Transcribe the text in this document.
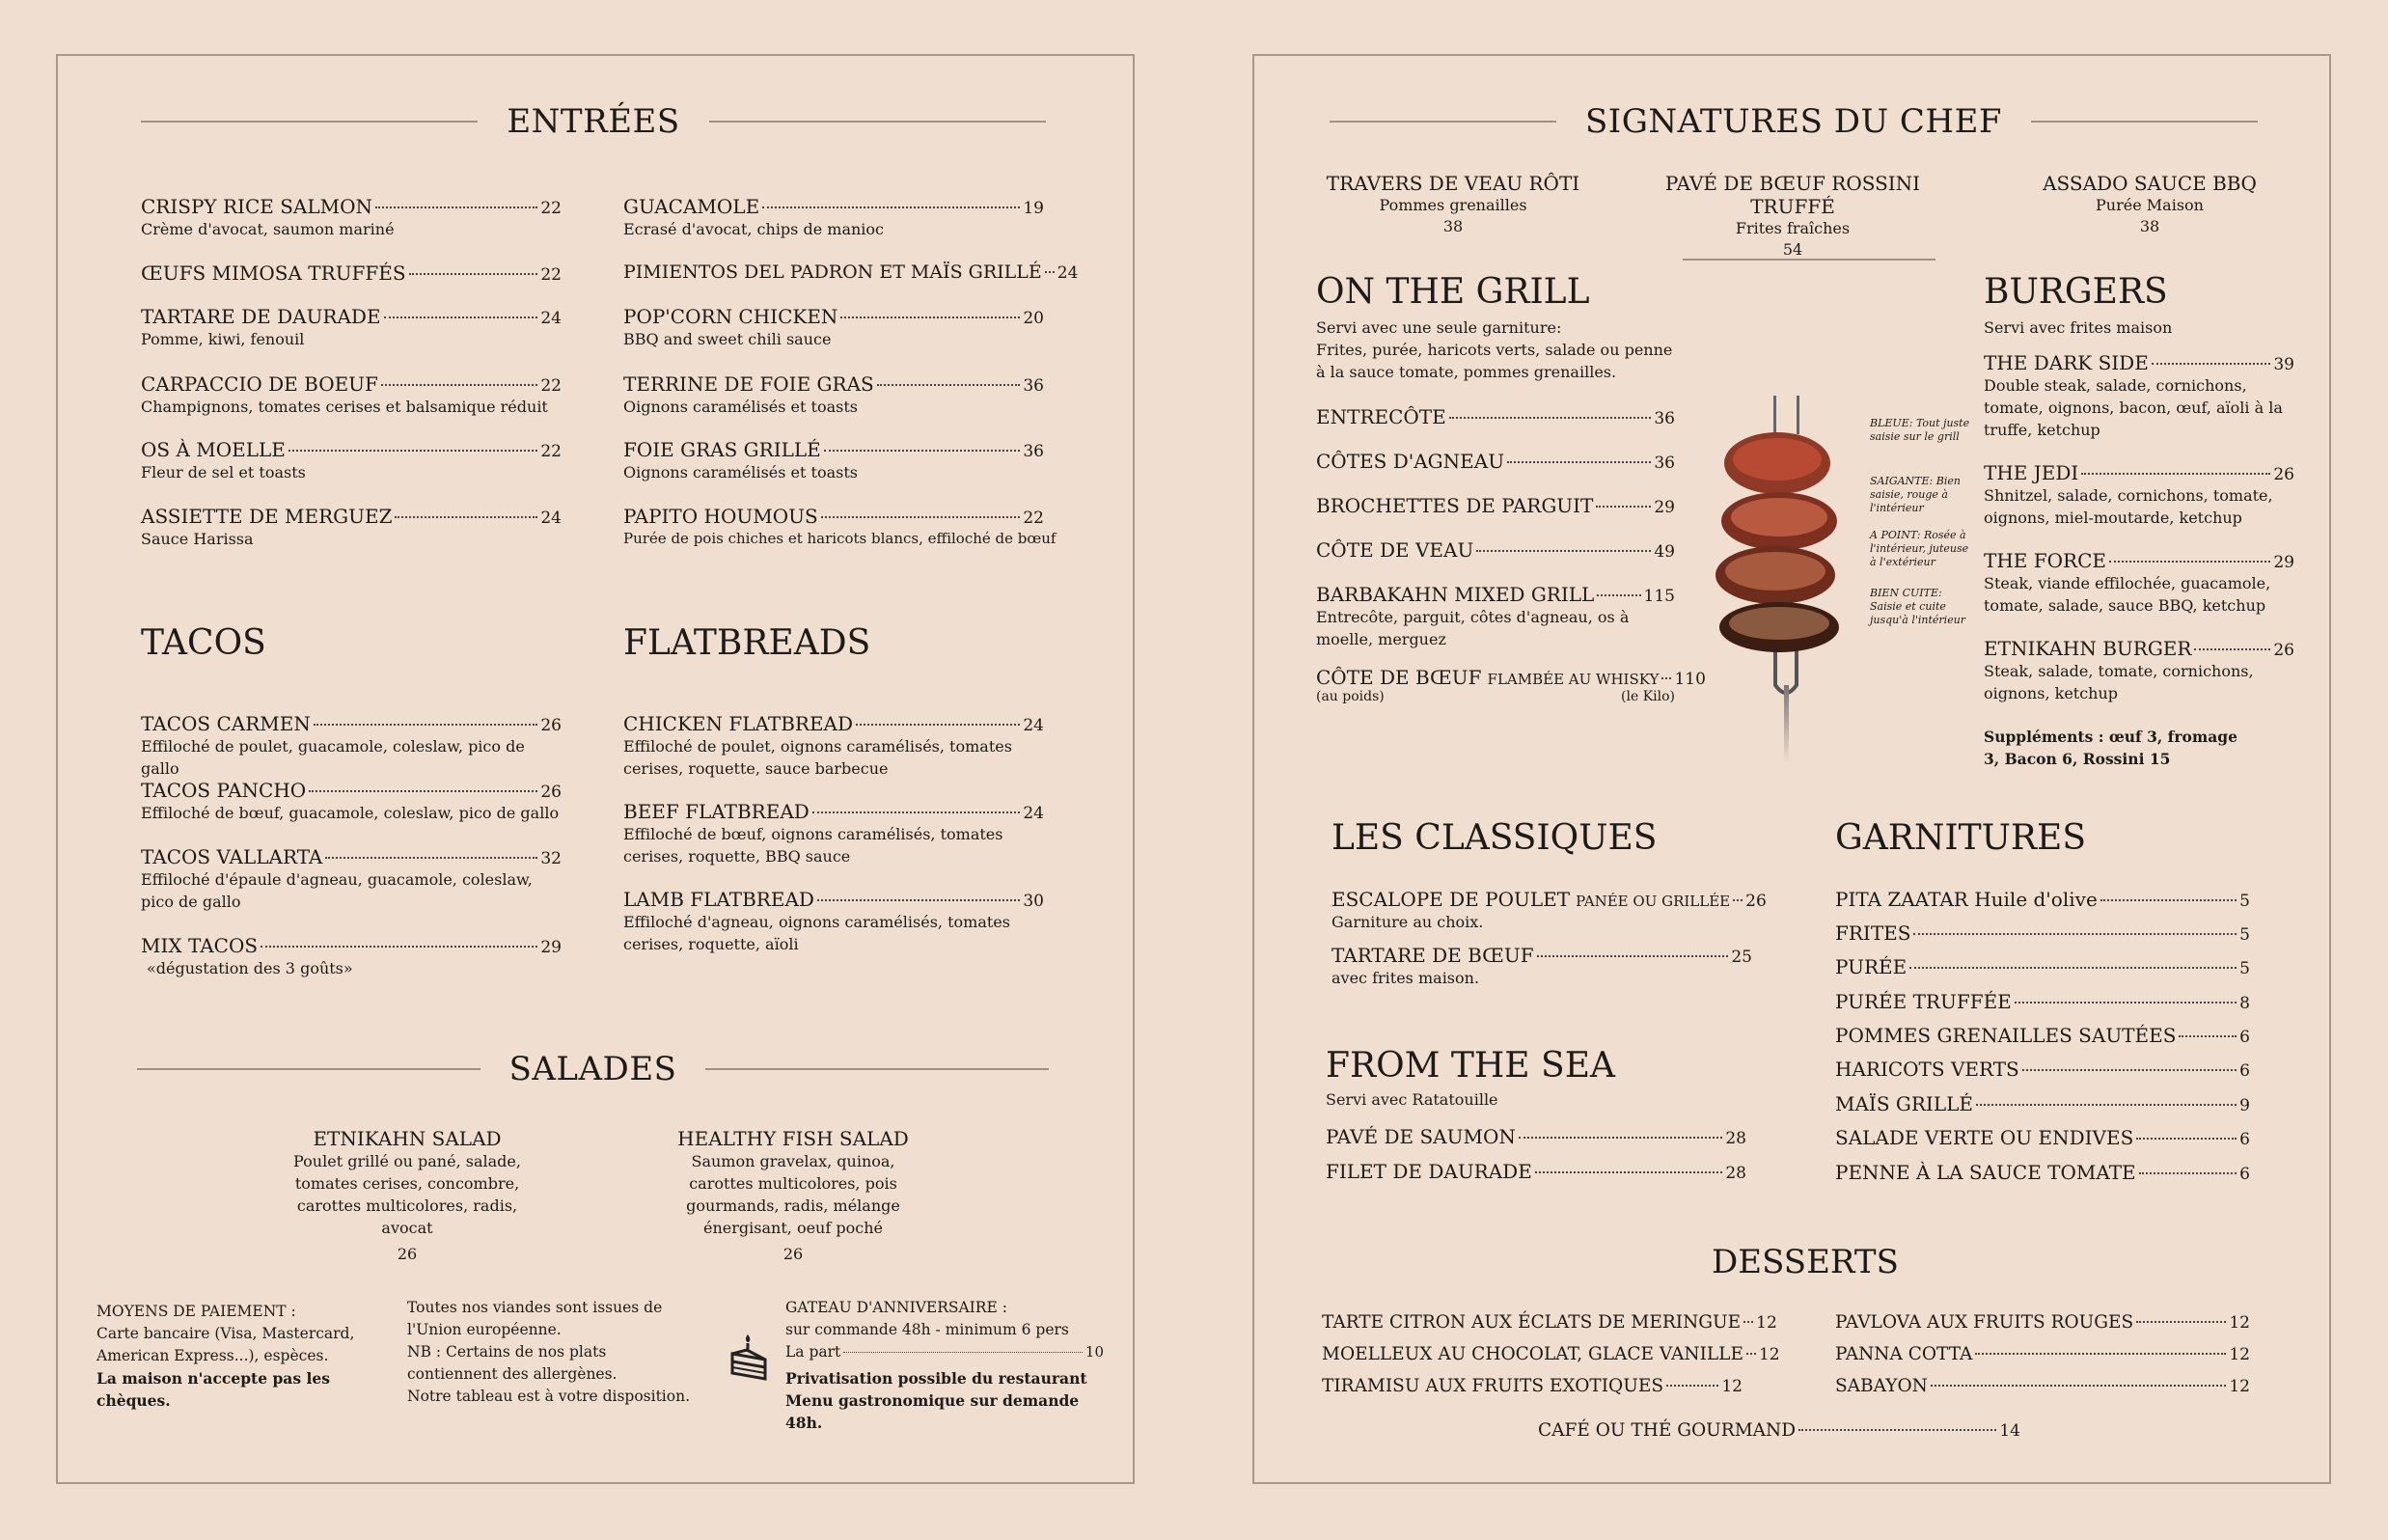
ENTRÉES
CRISPY RICE SALMON	22
Crème d'avocat, saumon mariné
ŒUFS MIMOSA TRUFFÉS	22
TARTARE DE DAURADE	24
Pomme, kiwi, fenouil
CARPACCIO DE BOEUF	22
Champignons, tomates cerises et balsamique réduit
OS À MOELLE	22
Fleur de sel et toasts
ASSIETTE DE MERGUEZ	24
Sauce Harissa
GUACAMOLE	19
Ecrasé d'avocat, chips de manioc
PIMIENTOS DEL PADRON ET MAÏS GRILLÉ 24
POP'CORN CHICKEN	20
BBQ and sweet chili sauce
TERRINE DE FOIE GRAS	36
Oignons caramélisés et toasts
FOIE GRAS GRILLÉ	36
Oignons caramélisés et toasts
PAPITO HOUMOUS	22
Purée de pois chiches et haricots blancs, effiloché de bœuf
TACOS
TACOS CARMEN	26
Effiloché de poulet, guacamole, coleslaw, pico de gallo
TACOS PANCHO	26
Effiloché de bœuf, guacamole, coleslaw, pico de gallo
TACOS VALLARTA	32
Effiloché d'épaule d'agneau, guacamole, coleslaw, pico de gallo
MIX TACOS	29
«dégustation des 3 goûts»
FLATBREADS
CHICKEN FLATBREAD	24
Effiloché de poulet, oignons caramélisés, tomates cerises, roquette, sauce barbecue
BEEF FLATBREAD	24
Effiloché de bœuf, oignons caramélisés, tomates cerises, roquette, BBQ sauce
LAMB FLATBREAD	30
Effiloché d'agneau, oignons caramélisés, tomates cerises, roquette, aïoli
SALADES
ETNIKAHN SALAD
Poulet grillé ou pané, salade, tomates cerises, concombre, carottes multicolores, radis, avocat
26
HEALTHY FISH SALAD
Saumon gravelax, quinoa, carottes multicolores, pois gourmands, radis, mélange énergisant, oeuf poché
26
MOYENS DE PAIEMENT :
Carte bancaire (Visa, Mastercard, American Express...), espèces.
La maison n'accepte pas les chèques.
Toutes nos viandes sont issues de l'Union européenne.
NB : Certains de nos plats contiennent des allergènes.
Notre tableau est à votre disposition.
GATEAU D'ANNIVERSAIRE :
sur commande 48h - minimum 6 pers
La part	10
Privatisation possible du restaurant
Menu gastronomique sur demande 48h.
SIGNATURES DU CHEF
TRAVERS DE VEAU RÔTI
Pommes grenailles
38
PAVÉ DE BŒUF ROSSINI TRUFFÉ
Frites fraîches
54
ASSADO SAUCE BBQ
Purée Maison
38
ON THE GRILL
Servi avec une seule garniture:
Frites, purée, haricots verts, salade ou penne à la sauce tomate, pommes grenailles.
ENTRECÔTE	36
CÔTES D'AGNEAU	36
BROCHETTES DE PARGUIT	29
CÔTE DE VEAU	49
BARBAKAHN MIXED GRILL	115
Entrecôte, parguit, côtes d'agneau, os à moelle, merguez
CÔTE DE BŒUF FLAMBÉE AU WHISKY 110
(au poids)	(le Kilo)
BLEUE: Tout juste saisie sur le grill
SAIGANTE: Bien saisie, rouge à l'intérieur
A POINT: Rosée à l'intérieur, juteuse à l'extérieur
BIEN CUITE: Saisie et cuite jusqu'à l'intérieur
BURGERS
Servi avec frites maison
THE DARK SIDE	39
Double steak, salade, cornichons, tomate, oignons, bacon, œuf, aïoli à la truffe, ketchup
THE JEDI	26
Shnitzel, salade, cornichons, tomate, oignons, miel-moutarde, ketchup
THE FORCE	29
Steak, viande effilochée, guacamole, tomate, salade, sauce BBQ, ketchup
ETNIKAHN BURGER	26
Steak, salade, tomate, cornichons, oignons, ketchup
Suppléments : œuf 3, fromage 3, Bacon 6, Rossini 15
LES CLASSIQUES
ESCALOPE DE POULET PANÉE OU GRILLÉE 26
Garniture au choix.
TARTARE DE BŒUF	25
avec frites maison.
FROM THE SEA
Servi avec Ratatouille
PAVÉ DE SAUMON	28
FILET DE DAURADE	28
GARNITURES
PITA ZAATAR Huile d'olive	5
FRITES	5
PURÉE	5
PURÉE TRUFFÉE	8
POMMES GRENAILLES SAUTÉES	6
HARICOTS VERTS	6
MAÏS GRILLÉ	9
SALADE VERTE OU ENDIVES	6
PENNE À LA SAUCE TOMATE	6
DESSERTS
TARTE CITRON AUX ÉCLATS DE MERINGUE 12
MOELLEUX AU CHOCOLAT, GLACE VANILLE 12
TIRAMISU AUX FRUITS EXOTIQUES	12
PAVLOVA AUX FRUITS ROUGES	12
PANNA COTTA	12
SABAYON	12
CAFÉ OU THÉ GOURMAND	14
